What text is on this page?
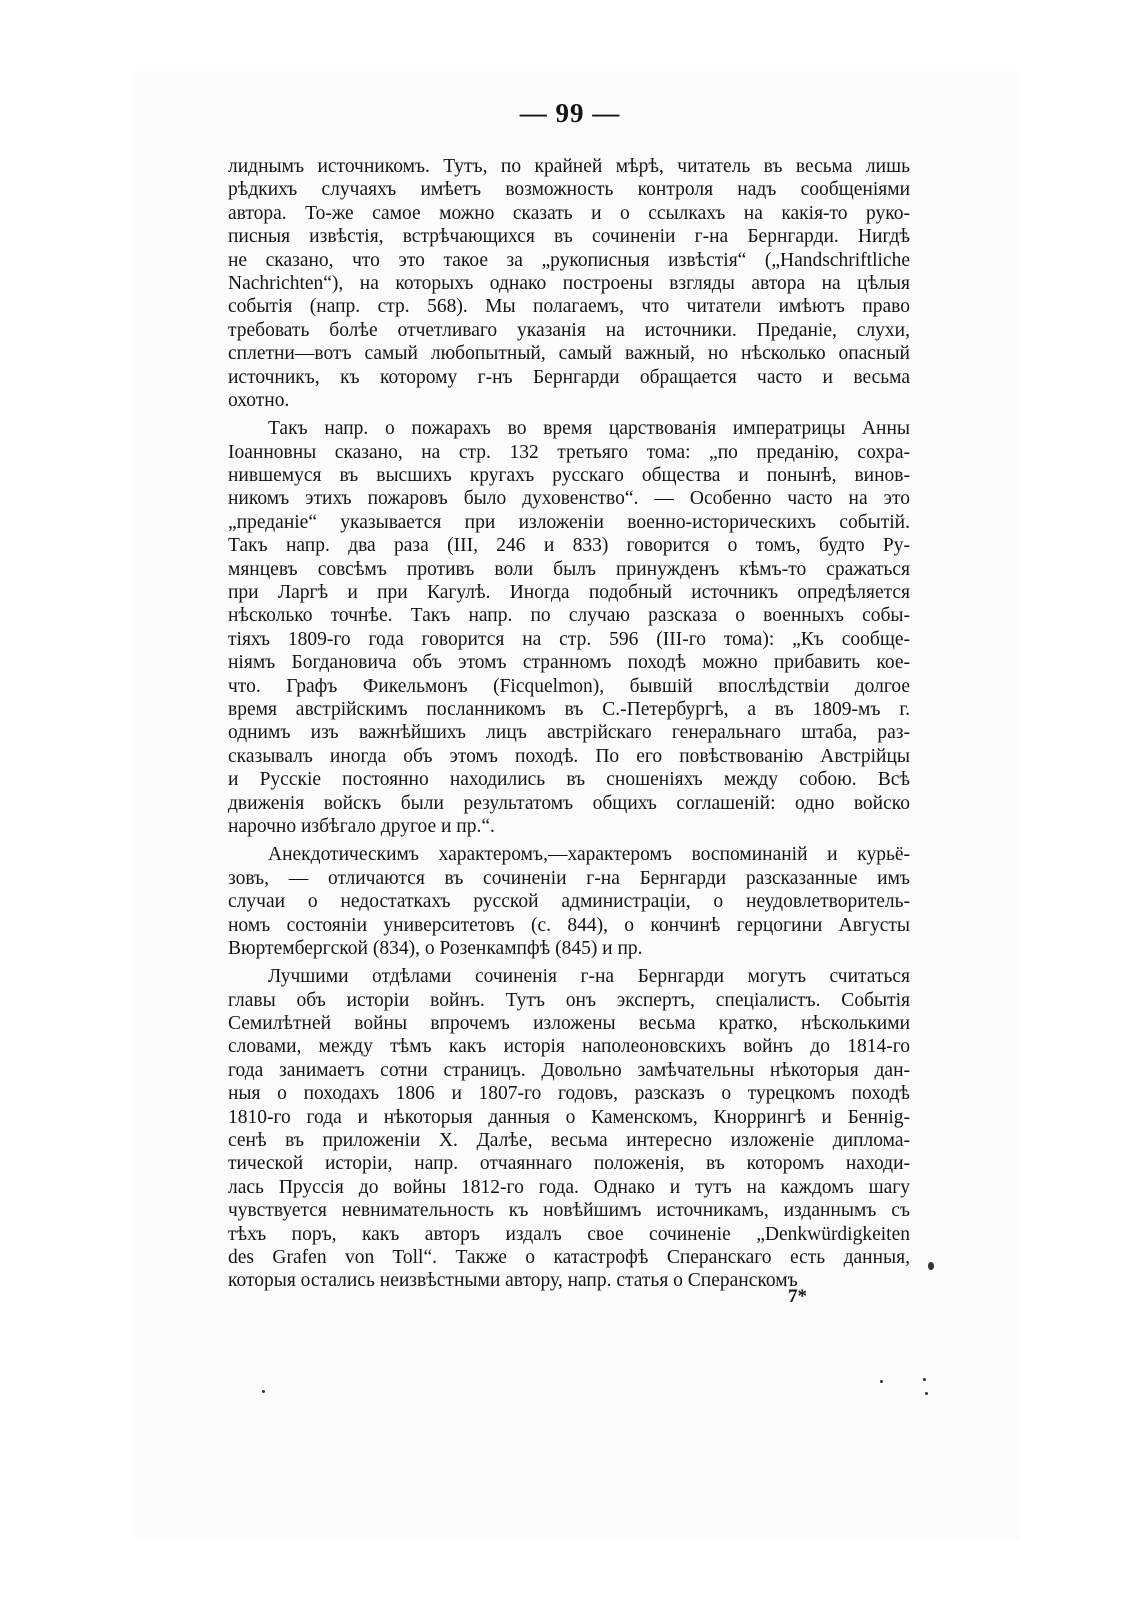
— 99 —

лиднымъ источникомъ. Тутъ, по крайней мѣрѣ, читатель въ весьма лишь

рѣдкихъ случаяхъ имѣетъ возможность контроля надъ сообщеніями

автора. То-же самое можно сказать и о ссылкахъ на какія-то руко-

писныя извѣстія, встрѣчающихся въ сочиненіи г-на Бернгарди. Нигдѣ

не сказано, что это такое за „рукописныя извѣстія“ („Handschriftliche

Nachrichten“), на которыхъ однако построены взгляды автора на цѣлыя

событія (напр. стр. 568). Мы полагаемъ, что читатели имѣютъ право

требовать болѣе отчетливаго указанія на источники. Преданіе, слухи,

сплетни—вотъ самый любопытный, самый важный, но нѣсколько опасный

источникъ, къ которому г-нъ Бернгарди обращается часто и весьма

охотно.

Такъ напр. о пожарахъ во время царствованія императрицы Анны

Іоанновны сказано, на стр. 132 третьяго тома: „по преданію, сохра-

нившемуся въ высшихъ кругахъ русскаго общества и понынѣ, винов-

никомъ этихъ пожаровъ было духовенство“. — Особенно часто на это

„преданіе“ указывается при изложеніи военно-историческихъ событій.

Такъ напр. два раза (III, 246 и 833) говорится о томъ, будто Ру-

мянцевъ совсѣмъ противъ воли былъ принужденъ кѣмъ-то сражаться

при Ларгѣ и при Кагулѣ. Иногда подобный источникъ опредѣляется

нѣсколько точнѣе. Такъ напр. по случаю разсказа о военныхъ собы-

тіяхъ 1809-го года говорится на стр. 596 (III-го тома): „Къ сообще-

ніямъ Богдановича объ этомъ странномъ походѣ можно прибавить кое-

что. Графъ Фикельмонъ (Ficquelmon), бывшій впослѣдствіи долгое

время австрійскимъ посланникомъ въ С.-Петербургѣ, а въ 1809-мъ г.

однимъ изъ важнѣйшихъ лицъ австрійскаго генеральнаго штаба, раз-

сказывалъ иногда объ этомъ походѣ. По его повѣствованію Австрійцы

и Русскіе постоянно находились въ сношеніяхъ между собою. Всѣ

движенія войскъ были результатомъ общихъ соглашеній: одно войско

нарочно избѣгало другое и пр.“.

Анекдотическимъ характеромъ,—характеромъ воспоминаній и курьё-

зовъ, — отличаются въ сочиненіи г-на Бернгарди разсказанные имъ

случаи о недостаткахъ русской администраціи, о неудовлетворитель-

номъ состояніи университетовъ (с. 844), о кончинѣ герцогини Августы

Вюртембергской (834), о Розенкампфѣ (845) и пр.

Лучшими отдѣлами сочиненія г-на Бернгарди могутъ считаться

главы объ исторіи войнъ. Тутъ онъ экспертъ, спеціалистъ. Событія

Семилѣтней войны впрочемъ изложены весьма кратко, нѣсколькими

словами, между тѣмъ какъ исторія наполеоновскихъ войнъ до 1814-го

года занимаетъ сотни страницъ. Довольно замѣчательны нѣкоторыя дан-

ныя о походахъ 1806 и 1807-го годовъ, разсказъ о турецкомъ походѣ

1810-го года и нѣкоторыя данныя о Каменскомъ, Кноррингѣ и Беннig-

сенѣ въ приложеніи X. Далѣе, весьма интересно изложеніе диплома-

тической исторіи, напр. отчаяннаго положенія, въ которомъ находи-

лась Пруссія до войны 1812-го года. Однако и тутъ на каждомъ шагу

чувствуется невнимательность къ новѣйшимъ источникамъ, изданнымъ съ

тѣхъ поръ, какъ авторъ издалъ свое сочиненіе „Denkwürdigkeiten

des Grafen von Toll“. Также о катастрофѣ Сперанскаго есть данныя,

которыя остались неизвѣстными автору, напр. статья о Сперанскомъ

7*
